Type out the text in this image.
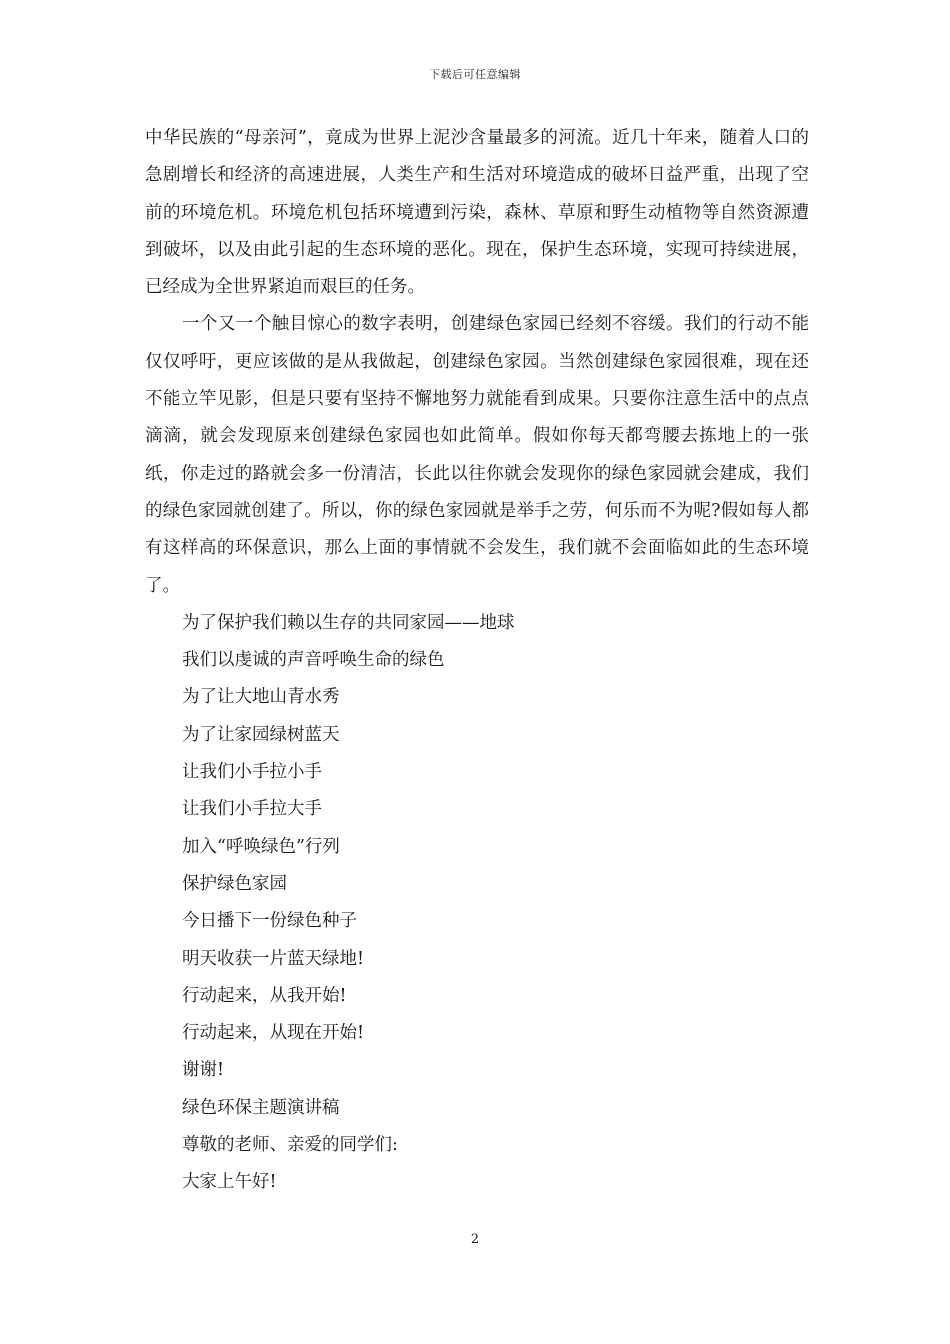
下载后可任意编辑

中华民族的“母亲河”，竟成为世界上泥沙含量最多的河流。近几十年来，随着人口的急剧增长和经济的高速进展，人类生产和生活对环境造成的破坏日益严重，出现了空前的环境危机。环境危机包括环境遭到污染，森林、草原和野生动植物等自然资源遭到破坏，以及由此引起的生态环境的恶化。现在，保护生态环境，实现可持续进展，已经成为全世界紧迫而艰巨的任务。

一个又一个触目惊心的数字表明，创建绿色家园已经刻不容缓。我们的行动不能仅仅呼吁，更应该做的是从我做起，创建绿色家园。当然创建绿色家园很难，现在还不能立竿见影，但是只要有坚持不懈地努力就能看到成果。只要你注意生活中的点点滴滴，就会发现原来创建绿色家园也如此简单。假如你每天都弯腰去拣地上的一张纸，你走过的路就会多一份清洁，长此以往你就会发现你的绿色家园就会建成，我们的绿色家园就创建了。所以，你的绿色家园就是举手之劳，何乐而不为呢?假如每人都有这样高的环保意识，那么上面的事情就不会发生，我们就不会面临如此的生态环境了。

为了保护我们赖以生存的共同家园——地球

我们以虔诚的声音呼唤生命的绿色

为了让大地山青水秀

为了让家园绿树蓝天

让我们小手拉小手

让我们小手拉大手

加入“呼唤绿色”行列

保护绿色家园

今日播下一份绿色种子

明天收获一片蓝天绿地!

行动起来，从我开始!

行动起来，从现在开始!

谢谢!

绿色环保主题演讲稿

尊敬的老师、亲爱的同学们:

大家上午好!

2
